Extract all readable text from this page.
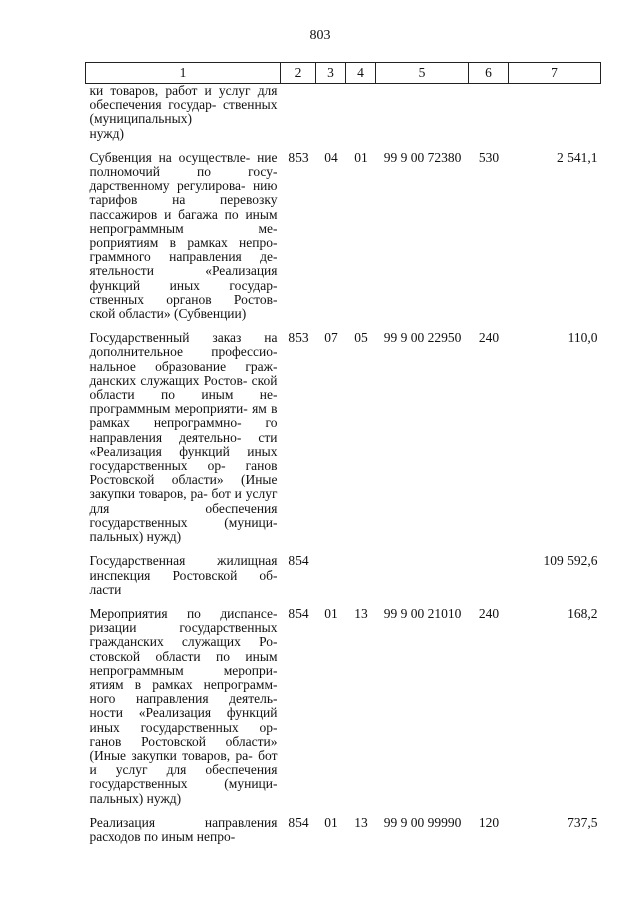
803
1	2	3	4	5	6	7
ки товаров, работ и услуг для обеспечения государ- ственных (муниципальных)
нужд)						

Субвенция на осуществле- ние полномочий по госу- дарственному регулирова- нию тарифов на перевозку пассажиров и багажа по иным непрограммным ме- роприятиям в рамках непро- граммного направления де- ятельности «Реализация функций иных государ- ственных органов Ростов-
ской области» (Субвенции)	853	04	01	99 9 00 72380	530	2 541,1

Государственный заказ на дополнительное профессио- нальное образование граж- данских служащих Ростов- ской области по иным не- программным мероприяти- ям в рамках непрограммно- го направления деятельно- сти «Реализация функций иных государственных ор- ганов Ростовской области» (Иные закупки товаров, ра- бот и услуг для обеспечения государственных (муници-
пальных) нужд)	853	07	05	99 9 00 22950	240	110,0

Государственная жилищная инспекция Ростовской об-
ласти	854					109 592,6

Мероприятия по диспансе- ризации государственных гражданских служащих Ро- стовской области по иным непрограммным меропри- ятиям в рамках непрограмм- ного направления деятель- ности «Реализация функций иных государственных ор- ганов Ростовской области» (Иные закупки товаров, ра- бот и услуг для обеспечения государственных (муници-
пальных) нужд)	854	01	13	99 9 00 21010	240	168,2

Реализация направления
расходов по иным непро-	854	01	13	99 9 00 99990	120	737,5
